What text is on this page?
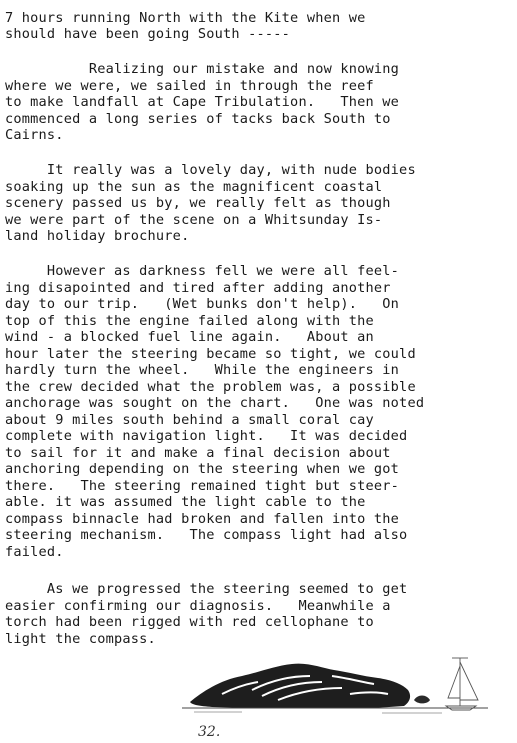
7 hours running North with the Kite when we
should have been going South -----
Realizing our mistake and now knowing
where we were, we sailed in through the reef
to make landfall at Cape Tribulation.   Then we
commenced a long series of tacks back South to
Cairns.
It really was a lovely day, with nude bodies
soaking up the sun as the magnificent coastal
scenery passed us by, we really felt as though
we were part of the scene on a Whitsunday Is-
land holiday brochure.
However as darkness fell we were all feel-
ing disapointed and tired after adding another
day to our trip.   (Wet bunks don't help).   On
top of this the engine failed along with the
wind - a blocked fuel line again.   About an
hour later the steering became so tight, we could
hardly turn the wheel.   While the engineers in
the crew decided what the problem was, a possible
anchorage was sought on the chart.   One was noted
about 9 miles south behind a small coral cay
complete with navigation light.   It was decided
to sail for it and make a final decision about
anchoring depending on the steering when we got
there.   The steering remained tight but steer-
able. it was assumed the light cable to the
compass binnacle had broken and fallen into the
steering mechanism.   The compass light had also
failed.
As we progressed the steering seemed to get
easier confirming our diagnosis.   Meanwhile a
torch had been rigged with red cellophane to
light the compass.
32.
